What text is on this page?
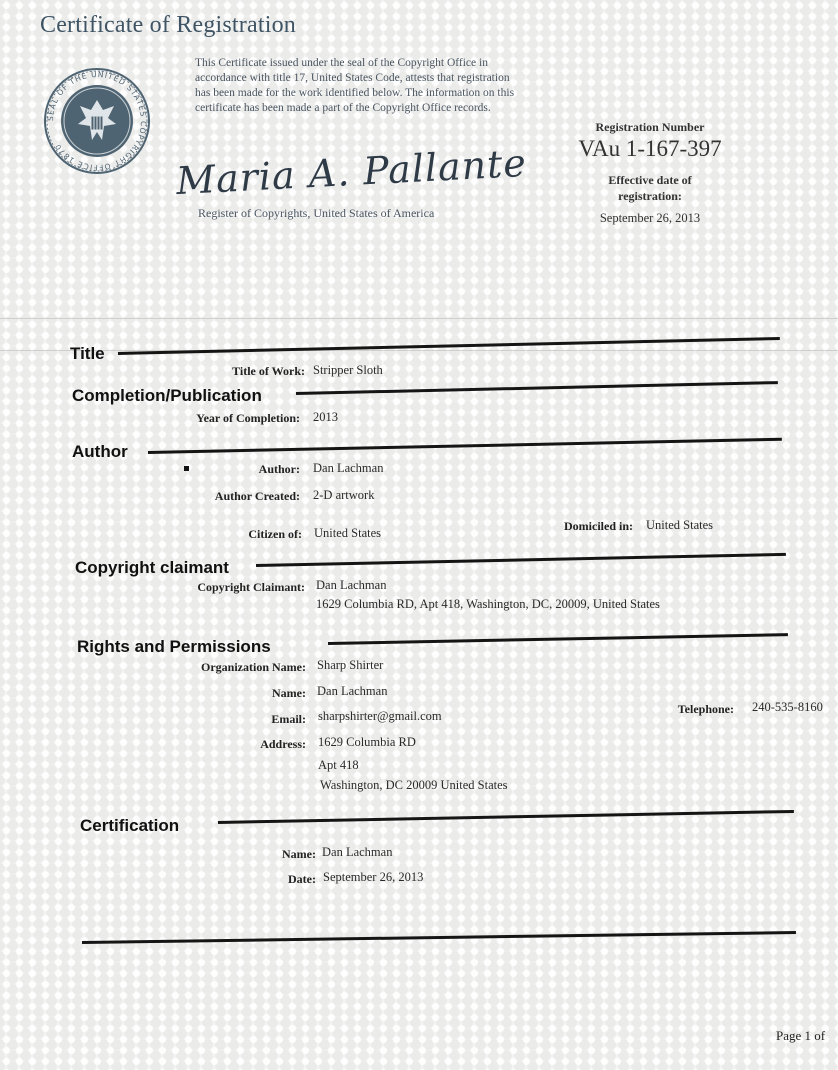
Certificate of Registration
SEAL OF THE UNITED STATES COPYRIGHT OFFICE 1870
This Certificate issued under the seal of the Copyright Office in accordance with title 17, United States Code, attests that registration has been made for the work identified below. The information on this certificate has been made a part of the Copyright Office records.
Maria A. Pallante
Register of Copyrights, United States of America
Registration Number
VAu 1-167-397
Effective date of registration:
September 26, 2013
Title
Title of Work: Stripper Sloth
Completion/Publication
Year of Completion: 2013
Author
Author: Dan Lachman
Author Created: 2-D artwork
Citizen of: United States	Domiciled in: United States
Copyright claimant
Copyright Claimant: Dan Lachman
1629 Columbia RD, Apt 418, Washington, DC, 20009, United States
Rights and Permissions
Organization Name: Sharp Shirter
Name: Dan Lachman
Email: sharpshirter@gmail.com	Telephone: 240-535-8160
Address: 1629 Columbia RD
Apt 418
Washington, DC 20009 United States
Certification
Name: Dan Lachman
Date: September 26, 2013
Page 1 of
